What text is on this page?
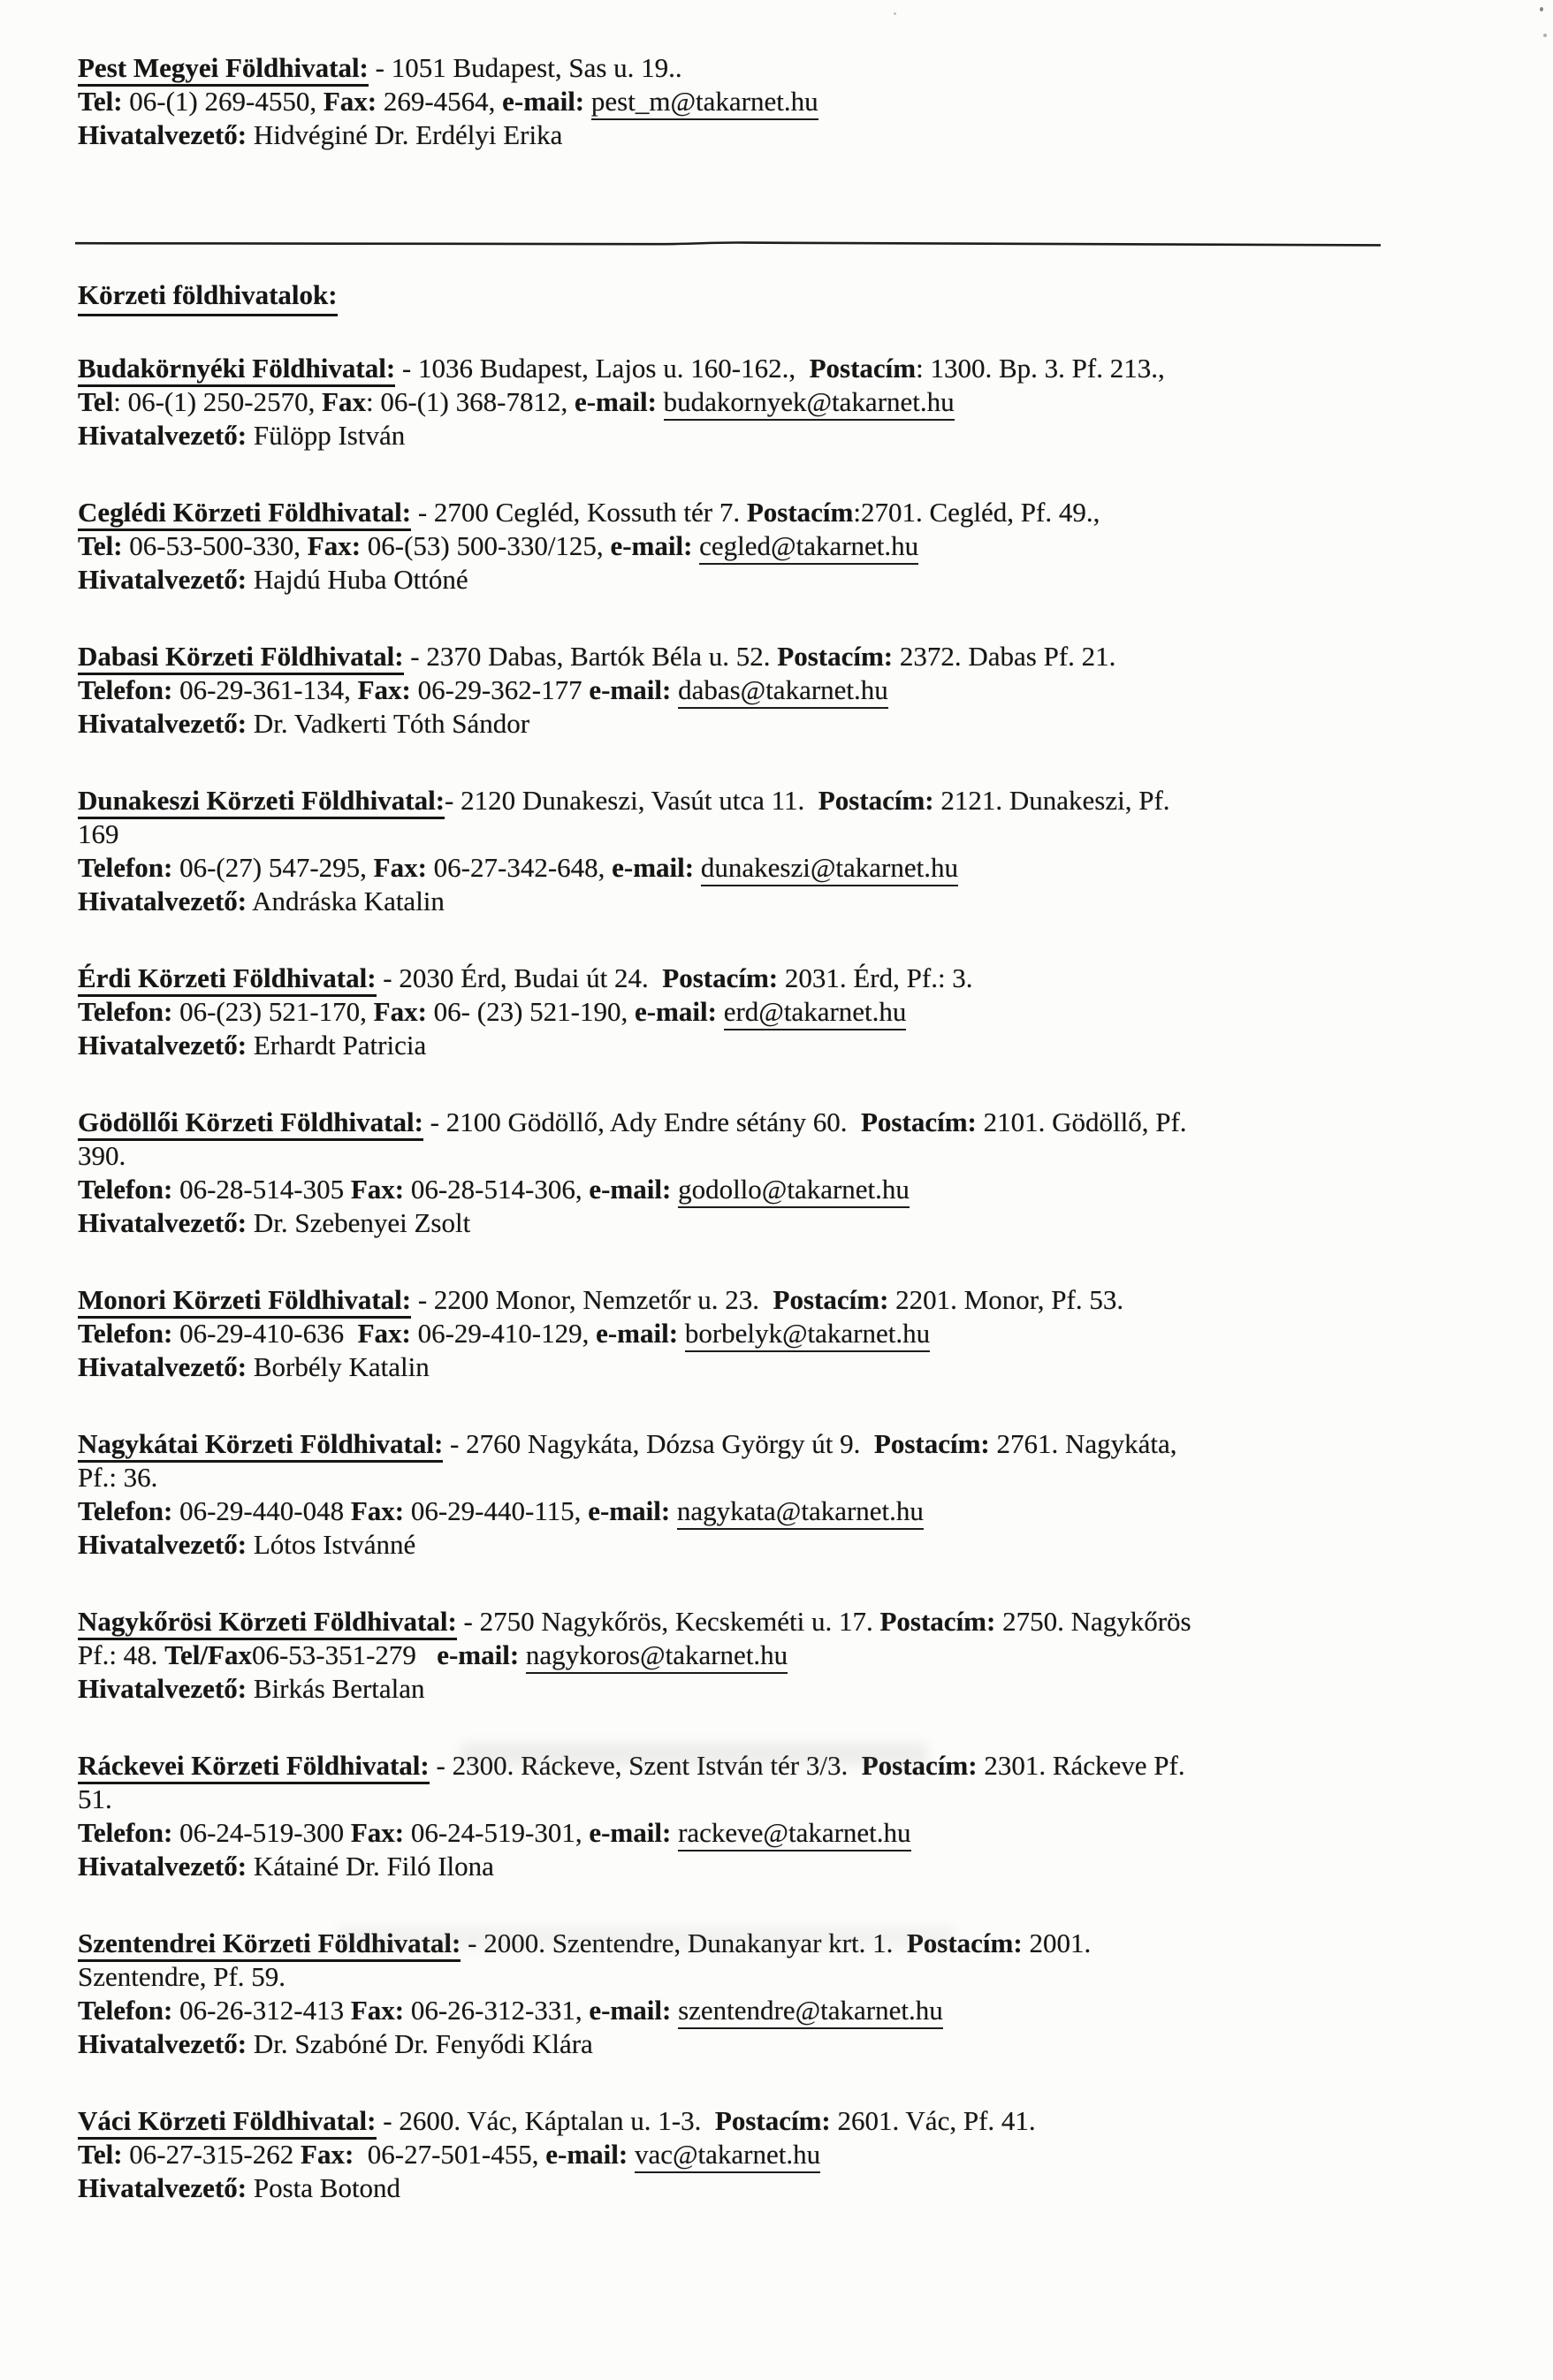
Pest Megyei Földhivatal: - 1051 Budapest, Sas u. 19..
Tel: 06-(1) 269-4550, Fax: 269-4564, e-mail: pest_m@takarnet.hu
Hivatalvezető: Hidvéginé Dr. Erdélyi Erika
Körzeti földhivatalok:
Budakörnyéki Földhivatal: - 1036 Budapest, Lajos u. 160-162.,  Postacím: 1300. Bp. 3. Pf. 213.,
Tel: 06-(1) 250-2570, Fax: 06-(1) 368-7812, e-mail: budakornyek@takarnet.hu
Hivatalvezető: Fülöpp István
Ceglédi Körzeti Földhivatal: - 2700 Cegléd, Kossuth tér 7. Postacím:2701. Cegléd, Pf. 49.,
Tel: 06-53-500-330, Fax: 06-(53) 500-330/125, e-mail: cegled@takarnet.hu
Hivatalvezető: Hajdú Huba Ottóné
Dabasi Körzeti Földhivatal: - 2370 Dabas, Bartók Béla u. 52. Postacím: 2372. Dabas Pf. 21.
Telefon: 06-29-361-134, Fax: 06-29-362-177 e-mail: dabas@takarnet.hu
Hivatalvezető: Dr. Vadkerti Tóth Sándor
Dunakeszi Körzeti Földhivatal:- 2120 Dunakeszi, Vasút utca 11.  Postacím: 2121. Dunakeszi, Pf.
169
Telefon: 06-(27) 547-295, Fax: 06-27-342-648, e-mail: dunakeszi@takarnet.hu
Hivatalvezető: Andráska Katalin
Érdi Körzeti Földhivatal: - 2030 Érd, Budai út 24.  Postacím: 2031. Érd, Pf.: 3.
Telefon: 06-(23) 521-170, Fax: 06- (23) 521-190, e-mail: erd@takarnet.hu
Hivatalvezető: Erhardt Patricia
Gödöllői Körzeti Földhivatal: - 2100 Gödöllő, Ady Endre sétány 60.  Postacím: 2101. Gödöllő, Pf.
390.
Telefon: 06-28-514-305 Fax: 06-28-514-306, e-mail: godollo@takarnet.hu
Hivatalvezető: Dr. Szebenyei Zsolt
Monori Körzeti Földhivatal: - 2200 Monor, Nemzetőr u. 23.  Postacím: 2201. Monor, Pf. 53.
Telefon: 06-29-410-636  Fax: 06-29-410-129, e-mail: borbelyk@takarnet.hu
Hivatalvezető: Borbély Katalin
Nagykátai Körzeti Földhivatal: - 2760 Nagykáta, Dózsa György út 9.  Postacím: 2761. Nagykáta,
Pf.: 36.
Telefon: 06-29-440-048 Fax: 06-29-440-115, e-mail: nagykata@takarnet.hu
Hivatalvezető: Lótos Istvánné
Nagykőrösi Körzeti Földhivatal: - 2750 Nagykőrös, Kecskeméti u. 17. Postacím: 2750. Nagykőrös
Pf.: 48. Tel/Fax06-53-351-279   e-mail: nagykoros@takarnet.hu
Hivatalvezető: Birkás Bertalan
Ráckevei Körzeti Földhivatal: - 2300. Ráckeve, Szent István tér 3/3.  Postacím: 2301. Ráckeve Pf.
51.
Telefon: 06-24-519-300 Fax: 06-24-519-301, e-mail: rackeve@takarnet.hu
Hivatalvezető: Kátainé Dr. Filó Ilona
Szentendrei Körzeti Földhivatal: - 2000. Szentendre, Dunakanyar krt. 1.  Postacím: 2001.
Szentendre, Pf. 59.
Telefon: 06-26-312-413 Fax: 06-26-312-331, e-mail: szentendre@takarnet.hu
Hivatalvezető: Dr. Szabóné Dr. Fenyődi Klára
Váci Körzeti Földhivatal: - 2600. Vác, Káptalan u. 1-3.  Postacím: 2601. Vác, Pf. 41.
Tel: 06-27-315-262 Fax:  06-27-501-455, e-mail: vac@takarnet.hu
Hivatalvezető: Posta Botond
